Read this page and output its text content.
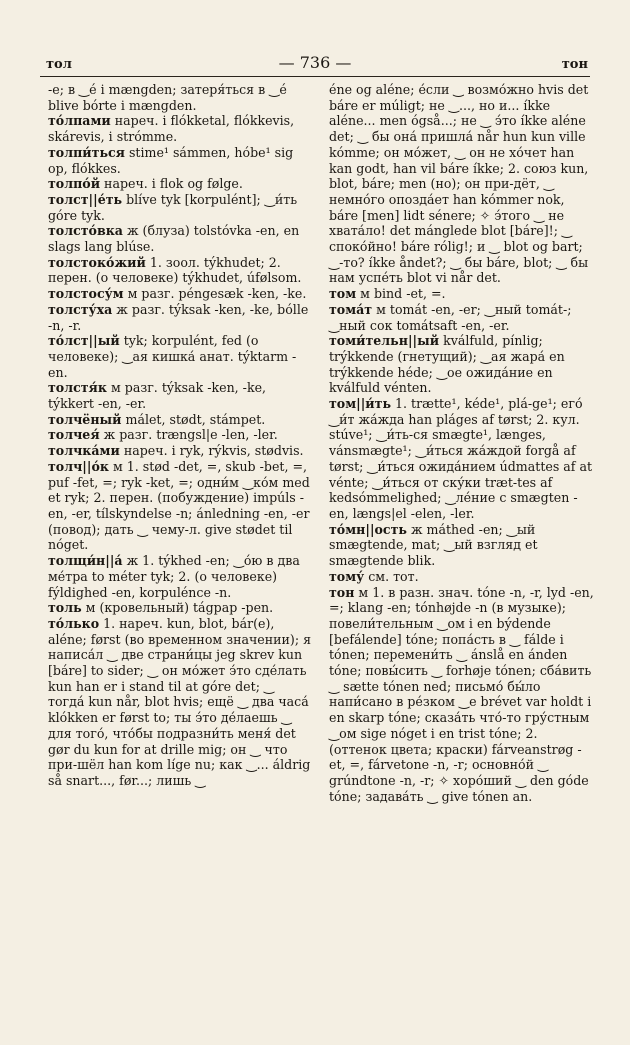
тол	— 736 —	тон

-e; в ‿é i mængden; затеря́ться в ‿é blive bórte i mængden.

то́лпами нареч. i flókketal, flókkevis, skárevis, i strómme.

толпи́ться stime¹ sámmen, hóbe¹ sig op, flókkes.

толпо́й нареч. i flok og følge.

толст||е́ть blíve tyk [korpulént]; ‿и́ть góre tyk.

толсто́вка ж (блуза) tolstóvka -en, en slags lang blúse.

толстоко́жий 1. зоол. týkhudet; 2. перен. (о человеке) týkhudet, úfølsom.

толстосу́м м разг. péngesæk -ken, -ke.

толсту́ха ж разг. týksak -ken, -ke, bólle -n, -r.

то́лст||ый tyk; korpulént, fed (о человеке); ‿ая кишка́ анат. týktarm -en.

толстя́к м разг. týksak -ken, -ke, týkkert -en, -er.

толчёный málet, stødt, stámpet.

толчея́ ж разг. trængsl|e -len, -ler.

толчка́ми нареч. i ryk, rýkvis, stødvis.

толч||о́к м 1. stød -det, =, skub -bet, =, puf -fet, =; ryk -ket, =; одни́м ‿ко́м med et ryk; 2. перен. (побуждение) impúls -en, -er, tílskyndelse -n; ánledning -en, -er (повод); дать ‿ чему-л. give stødet til nóget.

толщи́н||а́ ж 1. týkhed -en; ‿о́ю в два ме́тра to méter tyk; 2. (о человеке) fýldighed -en, korpulénce -n.

толь м (кровельный) tágpap -pen.

то́лько 1. нареч. kun, blot, bár(e), aléne; først (во временном значении); я написа́л ‿ две страни́цы jeg skrev kun [báre] to sider; ‿ он мо́жет э́то сде́лать kun han er i stand til at góre det; ‿ тогда́ kun når, blot hvis; ещё ‿ два часа́ klókken er først to; ты э́то де́лаешь ‿ для того́, что́бы подразни́ть меня́ det gør du kun for at drille mig; он ‿ что при-шёл han kom líge nu; как ‿... áldrig så snart..., før...; лишь ‿

éne og aléne; е́сли ‿ возмо́жно hvis det báre er múligt; не ‿..., но и... íkke aléne... men ógså...; не ‿ э́то íkke aléne det; ‿ бы она́ пришла́ når hun kun ville kómme; он мо́жет, ‿ он не хо́чет han kan godt, han vil báre íkke; 2. союз kun, blot, báre; men (но); он при-дёт, ‿ немно́го опозда́ет han kómmer nok, báre [men] lidt sénere; ✧ э́того ‿ не хвата́ло! det mánglede blot [báre]!; ‿ споко́йно! báre rólig!; и ‿ blot og bart; ‿-то? íkke åndet?; ‿ бы báre, blot; ‿ бы нам успе́ть blot vi når det.

том м bind -et, =.

тома́т м tomát -en, -er; ‿ный tomát-; ‿ный сок tomátsaft -en, -er.

томи́тельн||ый kválfuld, pínlig; trýkkende (гнетущий); ‿ая жара́ en trýkkende héde; ‿ое ожида́ние en kválfuld vénten.

том||и́ть 1. trætte¹, kéde¹, plá-ge¹; его́ ‿и́т жа́жда han pláges af tørst; 2. кул. stúve¹; ‿и́ть-ся smægte¹, længes, vánsmægte¹; ‿и́ться жа́ждой forgå af tørst; ‿и́ться ожида́нием údmattes af at vénte; ‿и́ться от ску́ки træt-tes af kedsómmelighed; ‿ле́ние с smægten -en, længs|el -elen, -ler.

то́мн||ость ж máthed -en; ‿ый smægtende, mat; ‿ый взгляд et smægtende blik.

тому́ см. тот.

тон м 1. в разн. знач. tóne -n, -r, lyd -en, =; klang -en; tónhøjde -n (в музыке); повели́тельным ‿ом i en býdende [befálende] tóne; попа́сть в ‿ fálde i tónen; перемени́ть ‿ ánslå en ánden tóne; повы́сить ‿ forhøje tónen; сба́вить ‿ sætte tónen ned; письмо́ бы́ло напи́сано в ре́зком ‿е brévet var holdt i en skarp tóne; сказа́ть что́-то гру́стным ‿ом sige nóget i en trist tóne; 2. (оттенок цвета; краски) fárveanstrøg -et, =, fárvetone -n, -r; основно́й ‿ grúndtone -n, -r; ✧ хоро́ший ‿ den góde tóne; задава́ть ‿ give tónen an.
